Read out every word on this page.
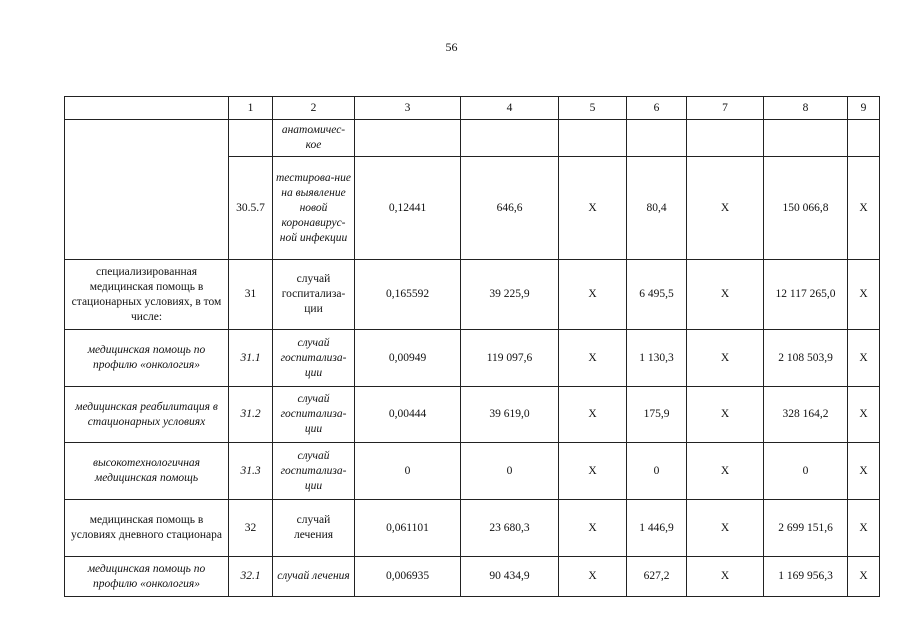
56
	1	2	3	4	5	6	7	8	9
		анатомичес-кое							
	30.5.7	тестирова-ние на выявление новой коронавирус-ной инфекции	0,12441	646,6	X	80,4	X	150 066,8	X
специализированная медицинская помощь в стационарных условиях, в том числе:	31	случай госпитализа-ции	0,165592	39 225,9	X	6 495,5	X	12 117 265,0	X
медицинская помощь по профилю «онкология»	31.1	случай госпитализа-ции	0,00949	119 097,6	X	1 130,3	X	2 108 503,9	X
медицинская реабилитация в стационарных условиях	31.2	случай госпитализа-ции	0,00444	39 619,0	X	175,9	X	328 164,2	X
высокотехнологичная медицинская помощь	31.3	случай госпитализа-ции	0	0	X	0	X	0	X
медицинская помощь в условиях дневного стационара	32	случай лечения	0,061101	23 680,3	X	1 446,9	X	2 699 151,6	X
медицинская помощь по профилю «онкология»	32.1	случай лечения	0,006935	90 434,9	X	627,2	X	1 169 956,3	X
